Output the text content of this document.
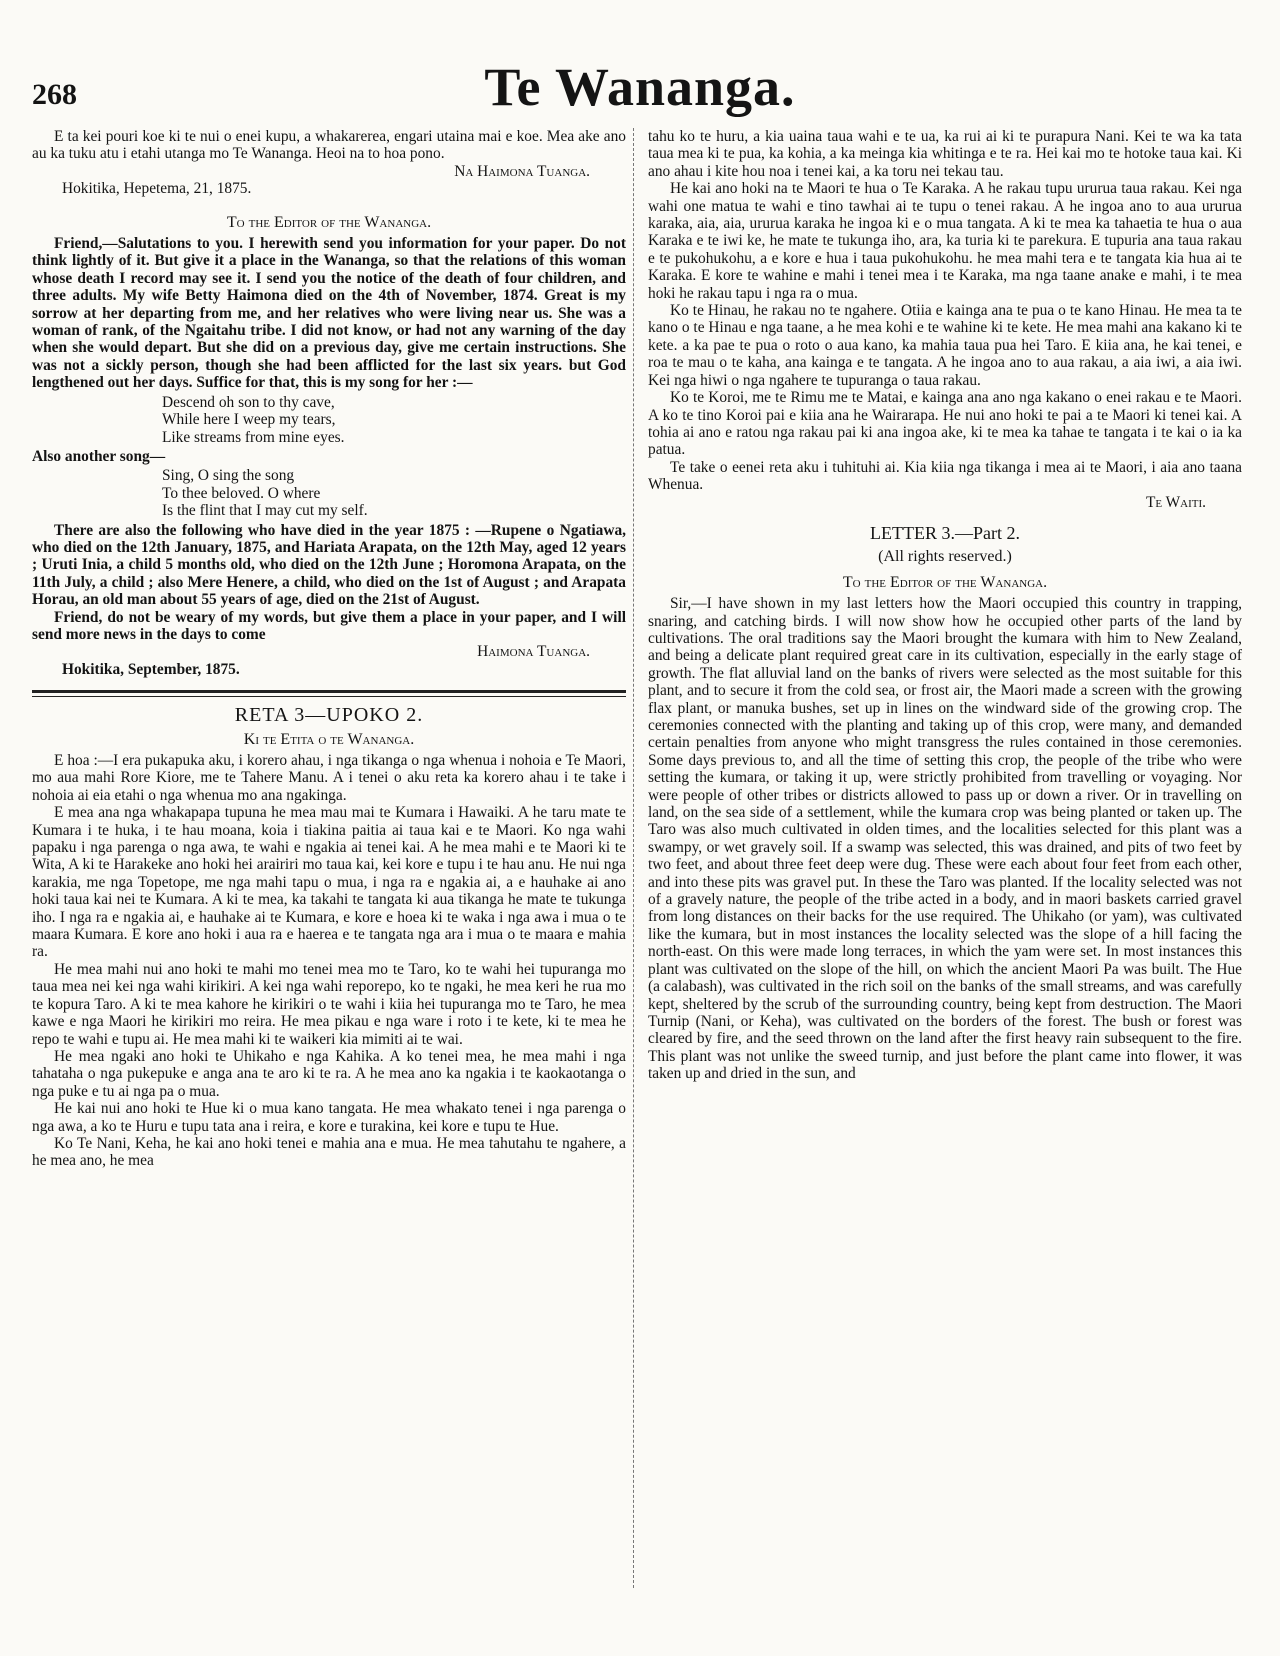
268	Te Wananga.

E ta kei pouri koe ki te nui o enei kupu, a whakarerea, engari utaina mai e koe. Mea ake ano au ka tuku atu i etahi utanga mo Te Wananga. Heoi na to hoa pono.

Na Haimona Tuanga.
Hokitika, Hepetema, 21, 1875.
To the Editor of the Wananga.

Friend,—Salutations to you. I herewith send you information for your paper. Do not think lightly of it. But give it a place in the Wananga, so that the relations of this woman whose death I record may see it. I send you the notice of the death of four children, and three adults. My wife Betty Haimona died on the 4th of November, 1874. Great is my sorrow at her departing from me, and her relatives who were living near us. She was a woman of rank, of the Ngaitahu tribe. I did not know, or had not any warning of the day when she would depart. But she did on a previous day, give me certain instructions. She was not a sickly person, though she had been afflicted for the last six years. but God lengthened out her days. Suffice for that, this is my song for her :—

Descend oh son to thy cave,
While here I weep my tears,
Like streams from mine eyes.

Also another song—

Sing, O sing the song
To thee beloved. O where
Is the flint that I may cut my self.

There are also the following who have died in the year 1875 : —Rupene o Ngatiawa, who died on the 12th January, 1875, and Hariata Arapata, on the 12th May, aged 12 years ; Uruti Inia, a child 5 months old, who died on the 12th June ; Horomona Arapata, on the 11th July, a child ; also Mere Henere, a child, who died on the 1st of August ; and Arapata Horau, an old man about 55 years of age, died on the 21st of August.

Friend, do not be weary of my words, but give them a place in your paper, and I will send more news in the days to come

Haimona Tuanga.
Hokitika, September, 1875.
RETA 3—UPOKO 2.
Ki te Etita o te Wananga.

E hoa :—I era pukapuka aku, i korero ahau, i nga tikanga o nga whenua i nohoia e Te Maori, mo aua mahi Rore Kiore, me te Tahere Manu. A i tenei o aku reta ka korero ahau i te take i nohoia ai eia etahi o nga whenua mo ana ngakinga.

E mea ana nga whakapapa tupuna he mea mau mai te Kumara i Hawaiki. A he taru mate te Kumara i te huka, i te hau moana, koia i tiakina paitia ai taua kai e te Maori. Ko nga wahi papaku i nga parenga o nga awa, te wahi e ngakia ai tenei kai. A he mea mahi e te Maori ki te Wita, A ki te Harakeke ano hoki hei arairiri mo taua kai, kei kore e tupu i te hau anu. He nui nga karakia, me nga Topetope, me nga mahi tapu o mua, i nga ra e ngakia ai, a e hauhake ai ano hoki taua kai nei te Kumara. A ki te mea, ka takahi te tangata ki aua tikanga he mate te tukunga iho. I nga ra e ngakia ai, e hauhake ai te Kumara, e kore e hoea ki te waka i nga awa i mua o te maara Kumara. E kore ano hoki i aua ra e haerea e te tangata nga ara i mua o te maara e mahia ra.

He mea mahi nui ano hoki te mahi mo tenei mea mo te Taro, ko te wahi hei tupuranga mo taua mea nei kei nga wahi kirikiri. A kei nga wahi reporepo, ko te ngaki, he mea keri he rua mo te kopura Taro. A ki te mea kahore he kirikiri o te wahi i kiia hei tupuranga mo te Taro, he mea kawe e nga Maori he kirikiri mo reira. He mea pikau e nga ware i roto i te kete, ki te mea he repo te wahi e tupu ai. He mea mahi ki te waikeri kia mimiti ai te wai.

He mea ngaki ano hoki te Uhikaho e nga Kahika. A ko tenei mea, he mea mahi i nga tahataha o nga pukepuke e anga ana te aro ki te ra. A he mea ano ka ngakia i te kaokaotanga o nga puke e tu ai nga pa o mua.

He kai nui ano hoki te Hue ki o mua kano tangata. He mea whakato tenei i nga parenga o nga awa, a ko te Huru e tupu tata ana i reira, e kore e turakina, kei kore e tupu te Hue.

Ko Te Nani, Keha, he kai ano hoki tenei e mahia ana e mua. He mea tahutahu te ngahere, a he mea ano, he mea

tahu ko te huru, a kia uaina taua wahi e te ua, ka rui ai ki te purapura Nani. Kei te wa ka tata taua mea ki te pua, ka kohia, a ka meinga kia whitinga e te ra. Hei kai mo te hotoke taua kai. Ki ano ahau i kite hou noa i tenei kai, a ka toru nei tekau tau.

He kai ano hoki na te Maori te hua o Te Karaka. A he rakau tupu ururua taua rakau. Kei nga wahi one matua te wahi e tino tawhai ai te tupu o tenei rakau. A he ingoa ano to aua ururua karaka, aia, aia, ururua karaka he ingoa ki e o mua tangata. A ki te mea ka tahaetia te hua o aua Karaka e te iwi ke, he mate te tukunga iho, ara, ka turia ki te parekura. E tupuria ana taua rakau e te pukohukohu, a e kore e hua i taua pukohukohu. he mea mahi tera e te tangata kia hua ai te Karaka. E kore te wahine e mahi i tenei mea i te Karaka, ma nga taane anake e mahi, i te mea hoki he rakau tapu i nga ra o mua.

Ko te Hinau, he rakau no te ngahere. Otiia e kainga ana te pua o te kano Hinau. He mea ta te kano o te Hinau e nga taane, a he mea kohi e te wahine ki te kete. He mea mahi ana kakano ki te kete. a ka pae te pua o roto o aua kano, ka mahia taua pua hei Taro. E kiia ana, he kai tenei, e roa te mau o te kaha, ana kainga e te tangata. A he ingoa ano to aua rakau, a aia iwi, a aia iwi. Kei nga hiwi o nga ngahere te tupuranga o taua rakau.

Ko te Koroi, me te Rimu me te Matai, e kainga ana ano nga kakano o enei rakau e te Maori. A ko te tino Koroi pai e kiia ana he Wairarapa. He nui ano hoki te pai a te Maori ki tenei kai. A tohia ai ano e ratou nga rakau pai ki ana ingoa ake, ki te mea ka tahae te tangata i te kai o ia ka patua.

Te take o eenei reta aku i tuhituhi ai. Kia kiia nga tikanga i mea ai te Maori, i aia ano taana Whenua.

Te Waiti.
LETTER 3.—Part 2.
(All rights reserved.)
To the Editor of the Wananga.

Sir,—I have shown in my last letters how the Maori occupied this country in trapping, snaring, and catching birds. I will now show how he occupied other parts of the land by cultivations. The oral traditions say the Maori brought the kumara with him to New Zealand, and being a delicate plant required great care in its cultivation, especially in the early stage of growth. The flat alluvial land on the banks of rivers were selected as the most suitable for this plant, and to secure it from the cold sea, or frost air, the Maori made a screen with the growing flax plant, or manuka bushes, set up in lines on the windward side of the growing crop. The ceremonies connected with the planting and taking up of this crop, were many, and demanded certain penalties from anyone who might transgress the rules contained in those ceremonies. Some days previous to, and all the time of setting this crop, the people of the tribe who were setting the kumara, or taking it up, were strictly prohibited from travelling or voyaging. Nor were people of other tribes or districts allowed to pass up or down a river. Or in travelling on land, on the sea side of a settlement, while the kumara crop was being planted or taken up. The Taro was also much cultivated in olden times, and the localities selected for this plant was a swampy, or wet gravely soil. If a swamp was selected, this was drained, and pits of two feet by two feet, and about three feet deep were dug. These were each about four feet from each other, and into these pits was gravel put. In these the Taro was planted. If the locality selected was not of a gravely nature, the people of the tribe acted in a body, and in maori baskets carried gravel from long distances on their backs for the use required. The Uhikaho (or yam), was cultivated like the kumara, but in most instances the locality selected was the slope of a hill facing the north-east. On this were made long terraces, in which the yam were set. In most instances this plant was cultivated on the slope of the hill, on which the ancient Maori Pa was built. The Hue (a calabash), was cultivated in the rich soil on the banks of the small streams, and was carefully kept, sheltered by the scrub of the surrounding country, being kept from destruction. The Maori Turnip (Nani, or Keha), was cultivated on the borders of the forest. The bush or forest was cleared by fire, and the seed thrown on the land after the first heavy rain subsequent to the fire. This plant was not unlike the sweed turnip, and just before the plant came into flower, it was taken up and dried in the sun, and
